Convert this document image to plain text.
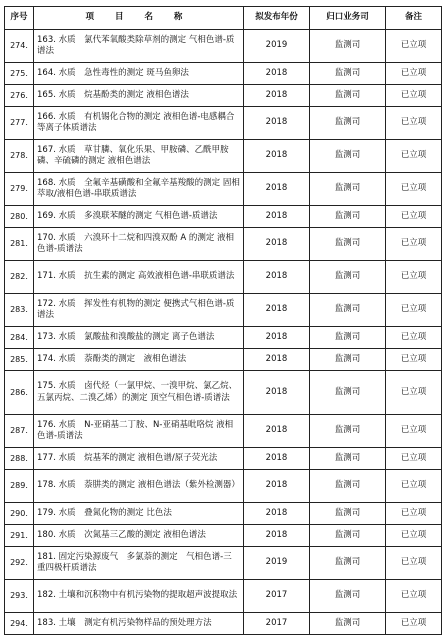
序号	项 目 名 称	拟发布年份	归口业务司	备注
274.	163. 水质　氯代苯氧酸类除草剂的测定 气相色谱-质谱法	2019	监测司	已立项
275.	164. 水质　急性毒性的测定 斑马鱼卵法	2018	监测司	已立项
276.	165. 水质　烷基酚类的测定 液相色谱法	2018	监测司	已立项
277.	166. 水质　有机锡化合物的测定 液相色谱-电感耦合等离子体质谱法	2018	监测司	已立项
278.	167. 水质　草甘膦、氧化乐果、甲胺磷、乙酰甲胺磷、辛硫磷的测定 液相色谱法	2018	监测司	已立项
279.	168. 水质　全氟辛基磺酸和全氟辛基羧酸的测定 固相萃取/液相色谱-串联质谱法	2018	监测司	已立项
280.	169. 水质　多溴联苯醚的测定 气相色谱-质谱法	2018	监测司	已立项
281.	170. 水质　六溴环十二烷和四溴双酚 A 的测定 液相色谱-质谱法	2018	监测司	已立项
282.	171. 水质　抗生素的测定 高效液相色谱-串联质谱法	2018	监测司	已立项
283.	172. 水质　挥发性有机物的测定 便携式气相色谱-质谱法	2018	监测司	已立项
284.	173. 水质　氯酸盐和溴酸盐的测定 离子色谱法	2018	监测司	已立项
285.	174. 水质　萘酚类的测定　液相色谱法	2018	监测司	已立项
286.	175. 水质　卤代烃（一氯甲烷、一溴甲烷、氯乙烷、五氯丙烷、二溴乙烯）的测定 顶空气相色谱-质谱法	2018	监测司	已立项
287.	176. 水质　N-亚硝基二丁胺、N-亚硝基吡咯烷 液相色谱-质谱法	2018	监测司	已立项
288.	177. 水质　烷基苯的测定 液相色谱/原子荧光法	2018	监测司	已立项
289.	178. 水质　萘肼类的测定 液相色谱法（紫外检测器）	2018	监测司	已立项
290.	179. 水质　叠氮化物的测定 比色法	2018	监测司	已立项
291.	180. 水质　次氮基三乙酸的测定 液相色谱法	2018	监测司	已立项
292.	181. 固定污染源废气　多氯萘的测定　气相色谱-三重四极杆质谱法	2019	监测司	已立项
293.	182. 土壤和沉积物中有机污染物的提取超声波提取法	2017	监测司	已立项
294.	183. 土壤　测定有机污染物样品的预处理方法	2017	监测司	已立项
